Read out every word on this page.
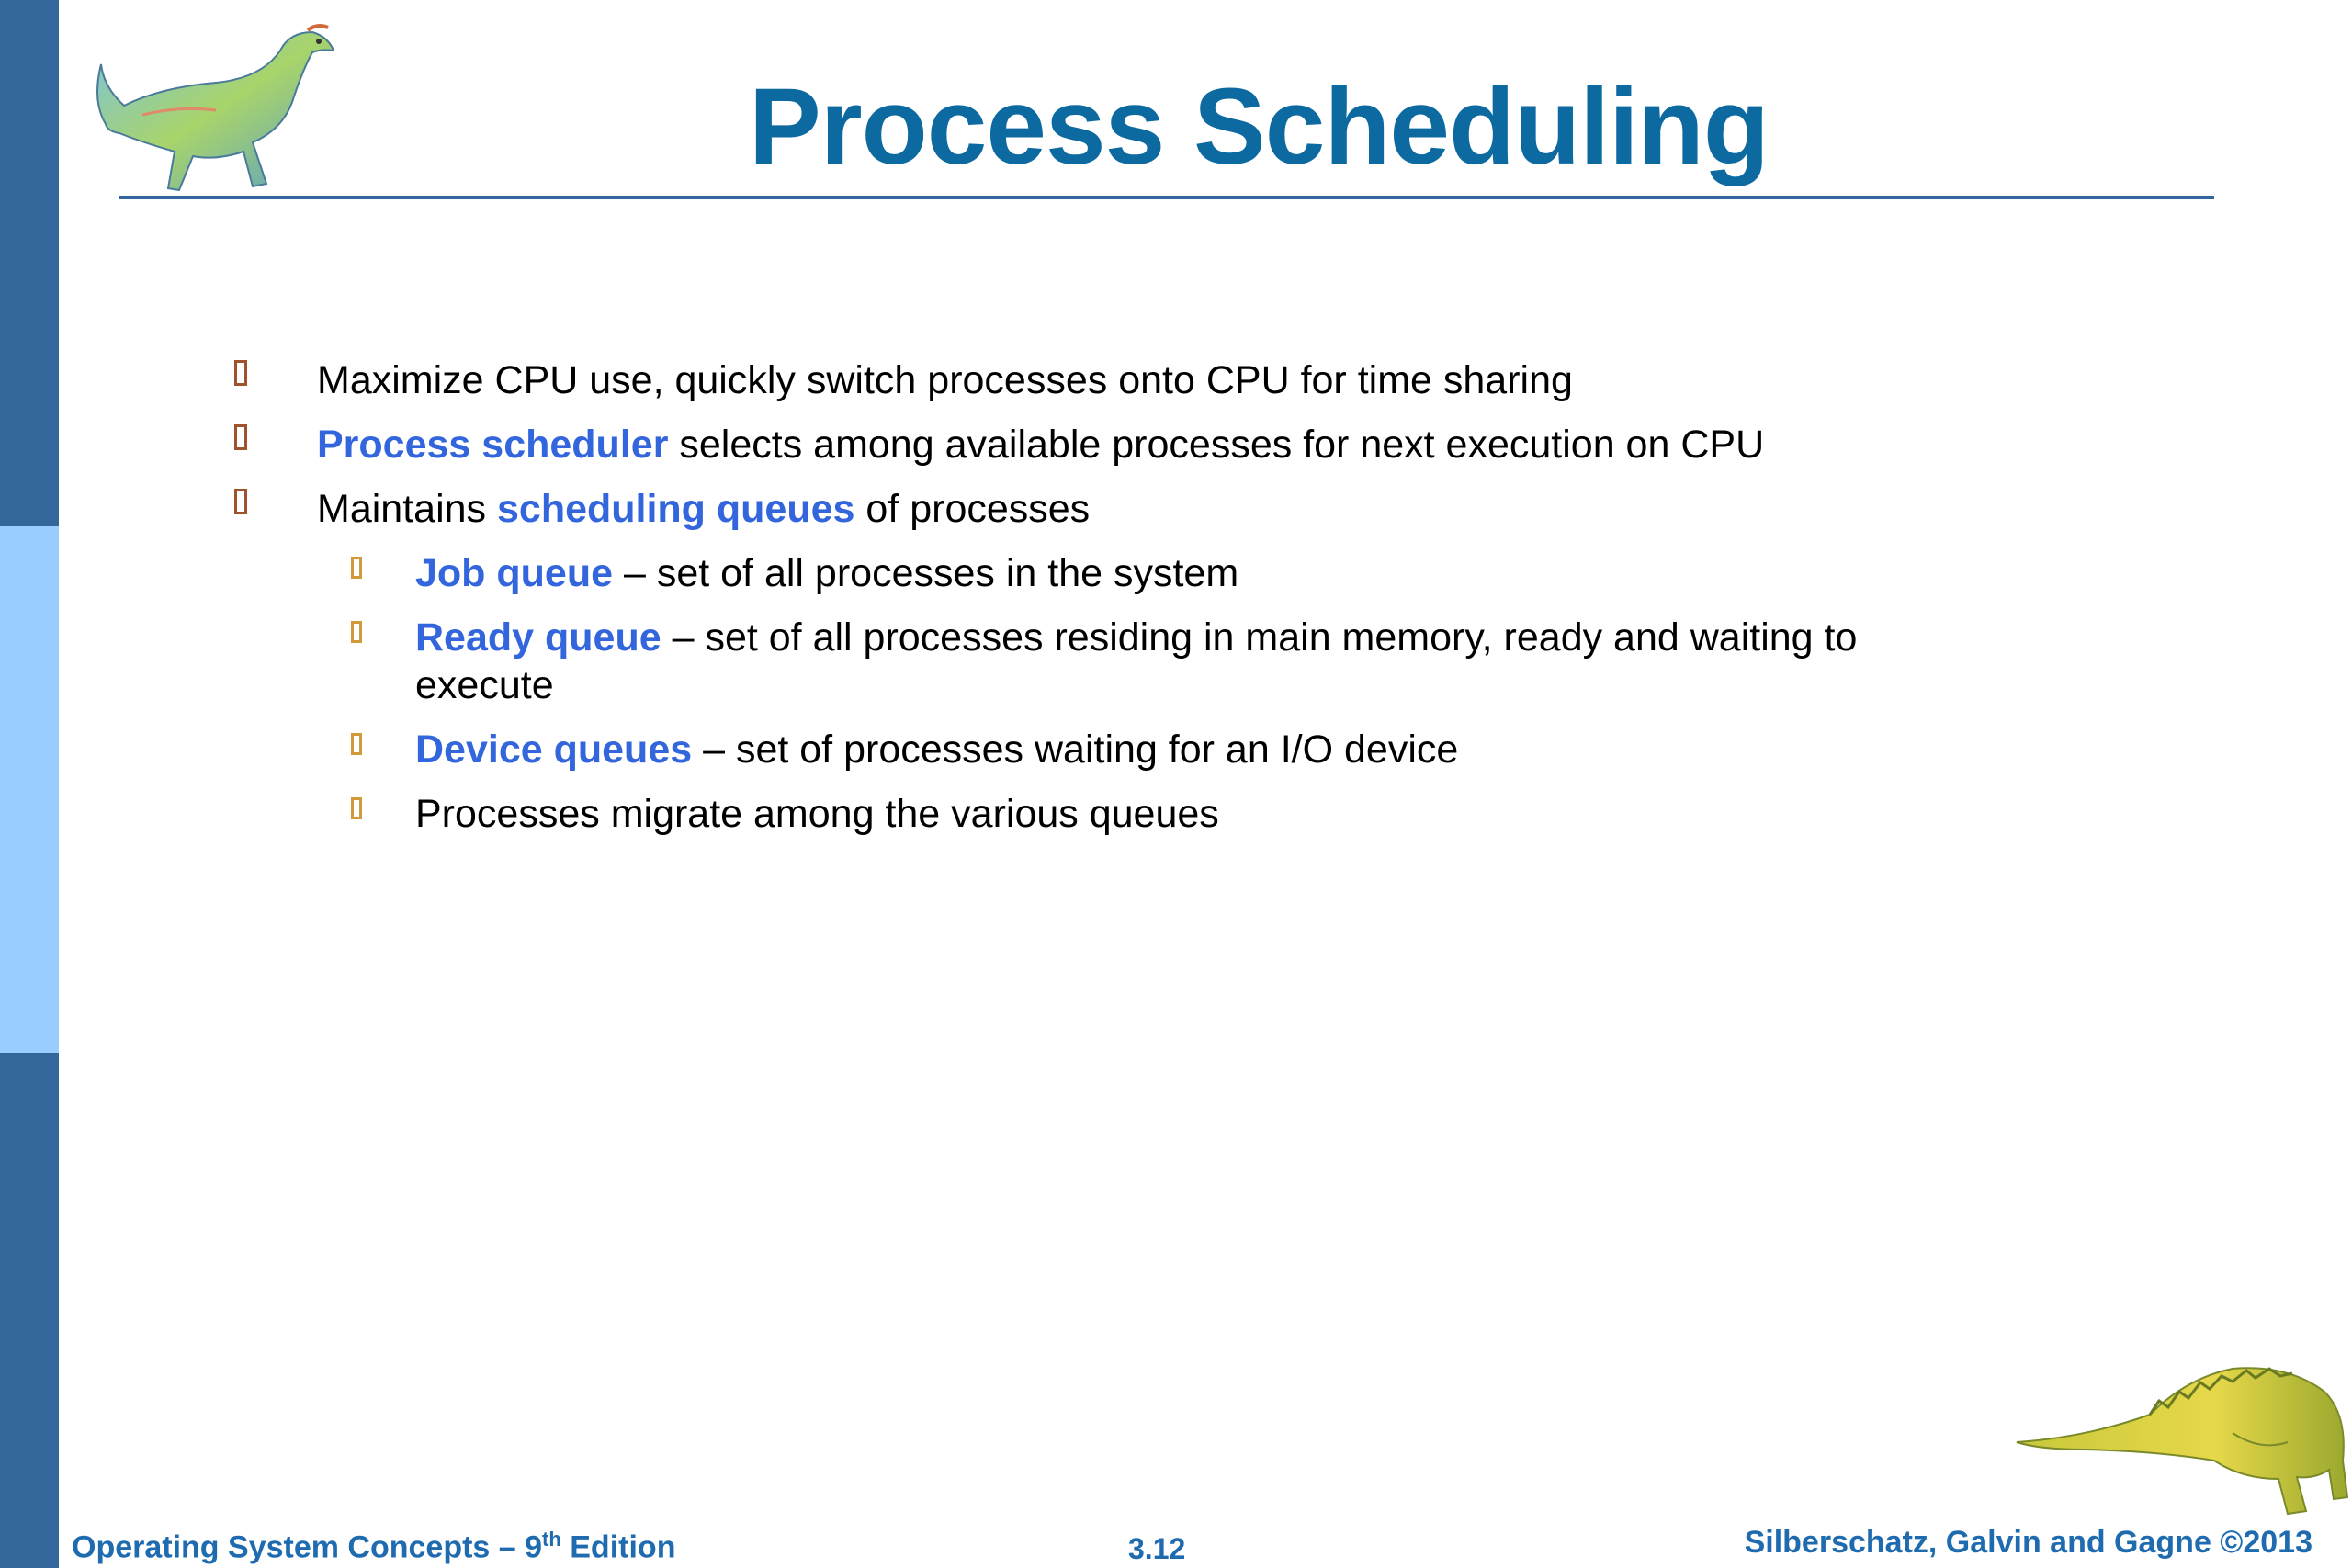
Process Scheduling
Maximize CPU use, quickly switch processes onto CPU for time sharing
Process scheduler selects among available processes for next execution on CPU
Maintains scheduling queues of processes
Job queue – set of all processes in the system
Ready queue – set of all processes residing in main memory, ready and waiting to
execute
Device queues – set of processes waiting for an I/O device
Processes migrate among the various queues
Operating System Concepts – 9th Edition	3.12	Silberschatz, Galvin and Gagne ©2013
